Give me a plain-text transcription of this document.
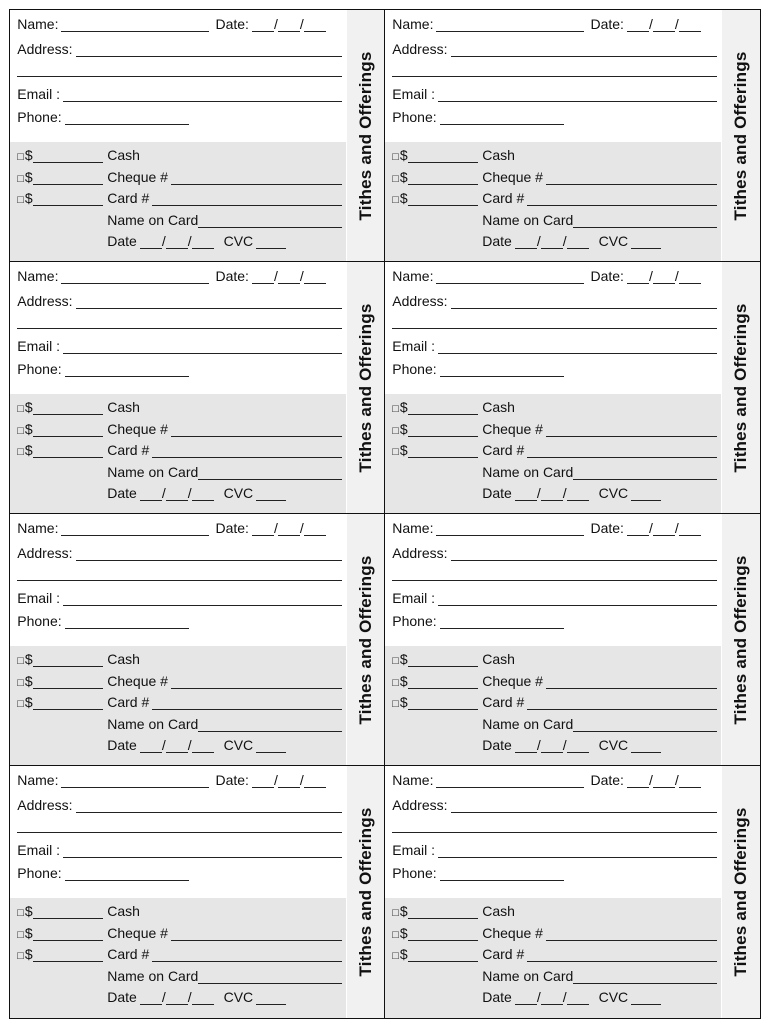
Name:	Date: / /
Address:
Email :
Phone:
□ $	Cash
□ $	Cheque #
□ $	Card #
Name on Card
Date / / CVC
Tithes and Offerings
Name:	Date: / /
Address:
Email :
Phone:
□ $	Cash
□ $	Cheque #
□ $	Card #
Name on Card
Date / / CVC
Tithes and Offerings
Name:	Date: / /
Address:
Email :
Phone:
□ $	Cash
□ $	Cheque #
□ $	Card #
Name on Card
Date / / CVC
Tithes and Offerings
Name:	Date: / /
Address:
Email :
Phone:
□ $	Cash
□ $	Cheque #
□ $	Card #
Name on Card
Date / / CVC
Tithes and Offerings
Name:	Date: / /
Address:
Email :
Phone:
□ $	Cash
□ $	Cheque #
□ $	Card #
Name on Card
Date / / CVC
Tithes and Offerings
Name:	Date: / /
Address:
Email :
Phone:
□ $	Cash
□ $	Cheque #
□ $	Card #
Name on Card
Date / / CVC
Tithes and Offerings
Name:	Date: / /
Address:
Email :
Phone:
□ $	Cash
□ $	Cheque #
□ $	Card #
Name on Card
Date / / CVC
Tithes and Offerings
Name:	Date: / /
Address:
Email :
Phone:
□ $	Cash
□ $	Cheque #
□ $	Card #
Name on Card
Date / / CVC
Tithes and Offerings
